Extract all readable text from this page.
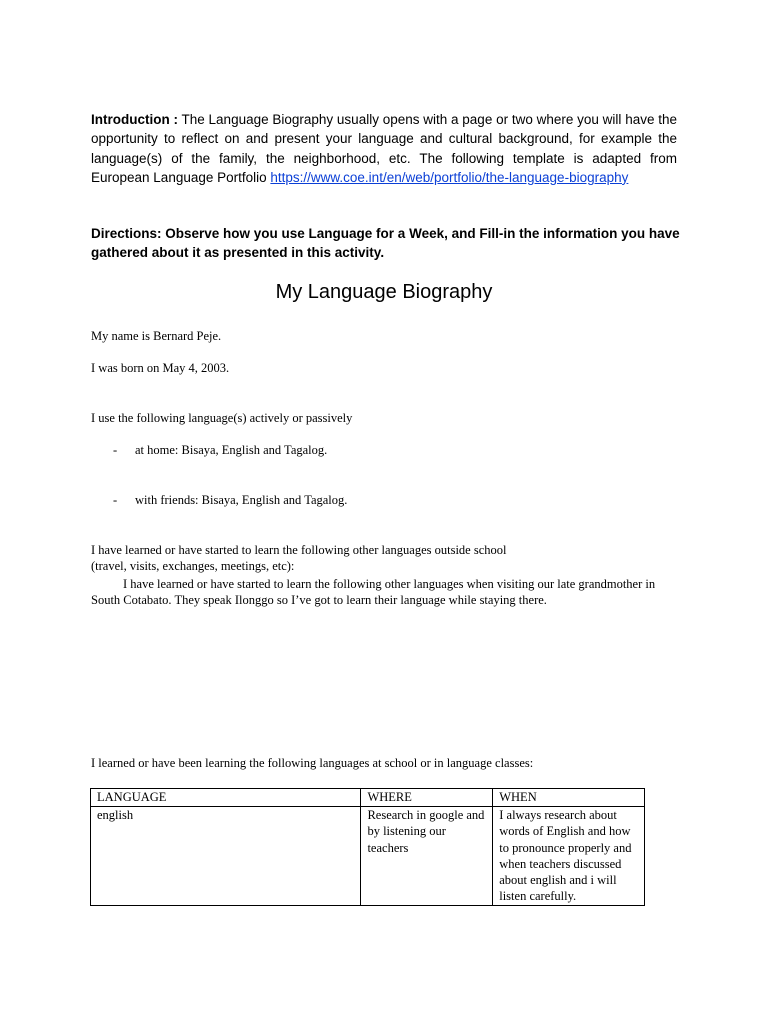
Introduction : The Language Biography usually opens with a page or two where you will have the opportunity to reflect on and present your language and cultural background, for example the language(s) of the family, the neighborhood, etc. The following template is adapted from European Language Portfolio https://www.coe.int/en/web/portfolio/the-language-biography

Directions: Observe how you use Language for a Week, and Fill-in the information you have gathered about it as presented in this activity.

My Language Biography

My name is Bernard Peje.

I was born on May 4, 2003.

I use the following language(s) actively or passively

- at home: Bisaya, English and Tagalog.
- with friends: Bisaya, English and Tagalog.

I have learned or have started to learn the following other languages outside school

(travel, visits, exchanges, meetings, etc):

I have learned or have started to learn the following other languages when visiting our late grandmother in South Cotabato. They speak Ilonggo so I’ve got to learn their language while staying there.

I learned or have been learning the following languages at school or in language classes:

LANGUAGE	WHERE	WHEN
english	Research in google and by listening our teachers	I always research about words of English and how to pronounce properly and when teachers discussed about english and i will listen carefully.
